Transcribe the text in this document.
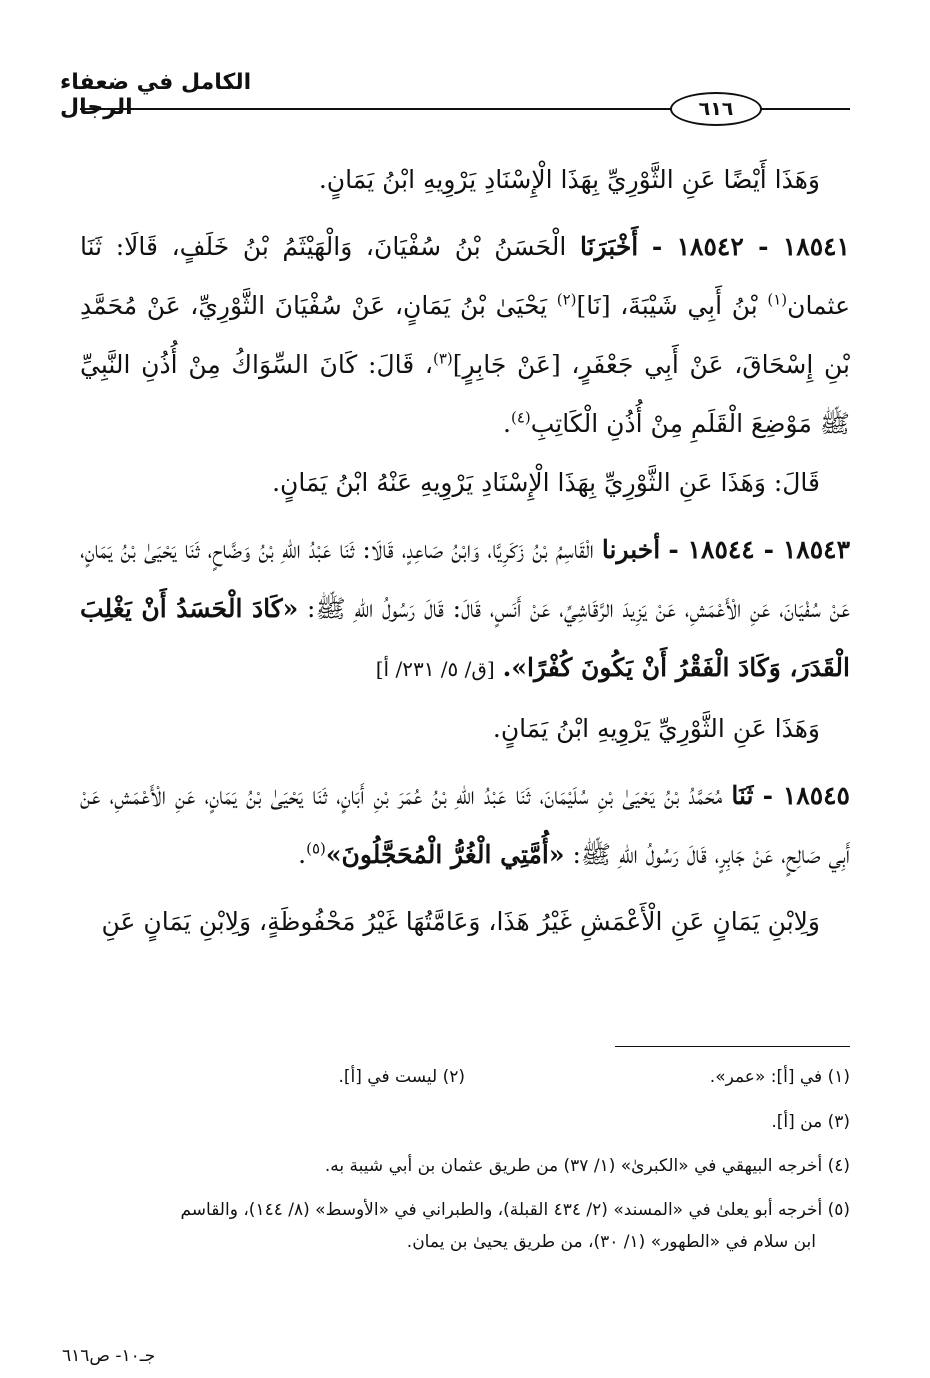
الكامل في ضعفاء الرجال	٦١٦

وَهَذَا أَيْضًا عَنِ الثَّوْرِيِّ بِهَذَا الْإِسْنَادِ يَرْوِيهِ ابْنُ يَمَانٍ.

١٨٥٤١ - ١٨٥٤٢ - أَخْبَرَنَا الْحَسَنُ بْنُ سُفْيَانَ، وَالْهَيْثَمُ بْنُ خَلَفٍ، قَالَا: ثَنَا عثمان$^{(١)}$ بْنُ أَبِي شَيْبَةَ، [نَا]$^{(٢)}$ يَحْيَىٰ بْنُ يَمَانٍ، عَنْ سُفْيَانَ الثَّوْرِيِّ، عَنْ مُحَمَّدِ بْنِ إِسْحَاقَ، عَنْ أَبِي جَعْفَرٍ، [عَنْ جَابِرٍ]$^{(٣)}$، قَالَ: كَانَ السِّوَاكُ مِنْ أُذُنِ النَّبِيِّ ﷺ مَوْضِعَ الْقَلَمِ مِنْ أُذُنِ الْكَاتِبِ$^{(٤)}$.

قَالَ: وَهَذَا عَنِ الثَّوْرِيِّ بِهَذَا الْإِسْنَادِ يَرْوِيهِ عَنْهُ ابْنُ يَمَانٍ.

١٨٥٤٣ - ١٨٥٤٤ - أخبرنا الْقَاسِمُ بْنُ زَكَرِيَّا، وَابْنُ صَاعِدٍ، قَالَا: ثَنَا عَبْدُ اللهِ بْنُ وَضَّاحٍ، ثَنَا يَحْيَىٰ بْنُ يَمَانٍ، عَنْ سُفْيَانَ، عَنِ الْأَعْمَشِ، عَنْ يَزِيدَ الرَّقَاشِيِّ، عَنْ أَنَسٍ، قَالَ: قَالَ رَسُولُ اللهِ ﷺ: «كَادَ الْحَسَدُ أَنْ يَغْلِبَ الْقَدَرَ، وَكَادَ الْفَقْرُ أَنْ يَكُونَ كُفْرًا». [ق/ ٥/ ٢٣١/ أ]

وَهَذَا عَنِ الثَّوْرِيِّ يَرْوِيهِ ابْنُ يَمَانٍ.

١٨٥٤٥ - ثَنَا مُحَمَّدُ بْنُ يَحْيَىٰ بْنِ سُلَيْمَانَ، ثَنَا عَبْدُ اللهِ بْنُ عُمَرَ بْنِ أَبَانٍ، ثَنَا يَحْيَىٰ بْنُ يَمَانٍ، عَنِ الْأَعْمَشِ، عَنْ أَبِي صَالِحٍ، عَنْ جَابِرٍ، قَالَ رَسُولُ اللهِ ﷺ: «أُمَّتِي الْغُرُّ الْمُحَجَّلُونَ»$^{(٥)}$.

وَلِابْنِ يَمَانٍ عَنِ الْأَعْمَشِ غَيْرُ هَذَا، وَعَامَّتُهَا غَيْرُ مَحْفُوظَةٍ، وَلِابْنِ يَمَانٍ عَنِ

(١) في [أ]: «عمر».
(٢) ليست في [أ].
(٣) من [أ].
(٤) أخرجه البيهقي في «الكبرىٰ» (١/ ٣٧) من طريق عثمان بن أبي شيبة به.
(٥) أخرجه أبو يعلىٰ في «المسند» (٢/ ٤٣٤ القبلة)، والطبراني في «الأوسط» (٨/ ١٤٤)، والقاسم
ابن سلام في «الطهور» (١/ ٣٠)، من طريق يحيىٰ بن يمان.
جـ١٠- ص٦١٦
